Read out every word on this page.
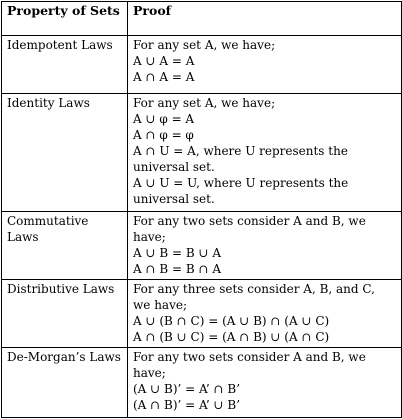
Property of Sets	Proof
Idempotent Laws	For any set A, we have;
A ∪ A = A
A ∩ A = A

Identity Laws	For any set A, we have;
A ∪ φ = A
A ∩ φ = φ
A ∩ U = A, where U represents the universal set.
A ∪ U = U, where U represents the universal set.

Commutative Laws	For any two sets consider A and B, we have;
A ∪ B = B ∪ A
A ∩ B = B ∩ A

Distributive Laws	For any three sets consider A, B, and C, we have;
A ∪ (B ∩ C) = (A ∪ B) ∩ (A ∪ C)
A ∩ (B ∪ C) = (A ∩ B) ∪ (A ∩ C)

De-Morgan’s Laws	For any two sets consider A and B, we have;
(A ∪ B)’ = A’ ∩ B’
(A ∩ B)’ = A’ ∪ B’
